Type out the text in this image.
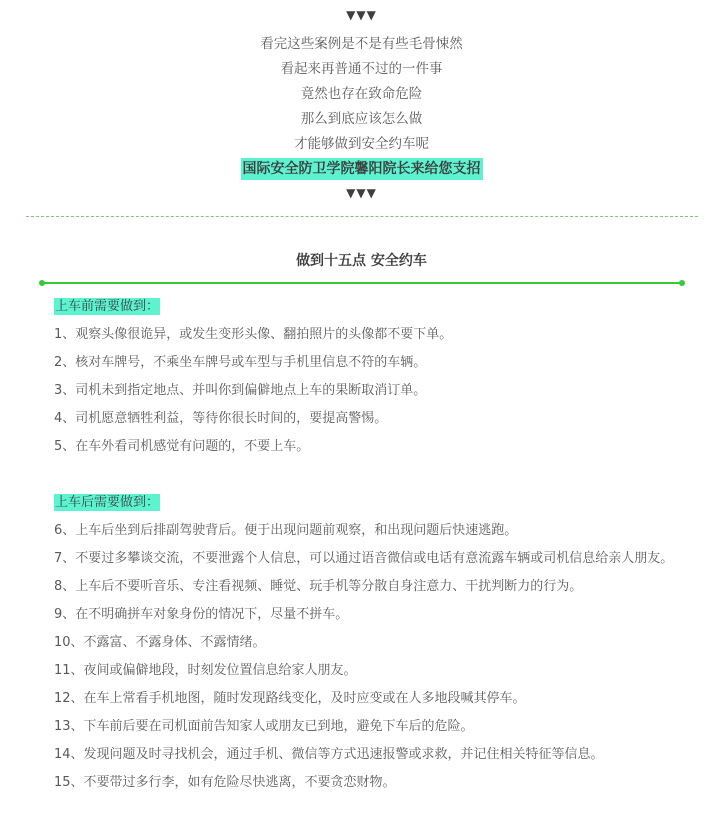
▼▼▼
看完这些案例是不是有些毛骨悚然
看起来再普通不过的一件事
竟然也存在致命危险
那么到底应该怎么做
才能够做到安全约车呢
国际安全防卫学院馨阳院长来给您支招
▼▼▼
做到十五点 安全约车
上车前需要做到：
1、观察头像很诡异，或发生变形头像、翻拍照片的头像都不要下单。
2、核对车牌号，不乘坐车牌号或车型与手机里信息不符的车辆。
3、司机未到指定地点、并叫你到偏僻地点上车的果断取消订单。
4、司机愿意牺牲利益，等待你很长时间的，要提高警惕。
5、在车外看司机感觉有问题的，不要上车。
上车后需要做到：
6、上车后坐到后排副驾驶背后。便于出现问题前观察，和出现问题后快速逃跑。
7、不要过多攀谈交流，不要泄露个人信息，可以通过语音微信或电话有意流露车辆或司机信息给亲人朋友。
8、上车后不要听音乐、专注看视频、睡觉、玩手机等分散自身注意力、干扰判断力的行为。
9、在不明确拼车对象身份的情况下，尽量不拼车。
10、不露富、不露身体、不露情绪。
11、夜间或偏僻地段，时刻发位置信息给家人朋友。
12、在车上常看手机地图，随时发现路线变化，及时应变或在人多地段喊其停车。
13、下车前后要在司机面前告知家人或朋友已到地，避免下车后的危险。
14、发现问题及时寻找机会，通过手机、微信等方式迅速报警或求救，并记住相关特征等信息。
15、不要带过多行李，如有危险尽快逃离，不要贪恋财物。
